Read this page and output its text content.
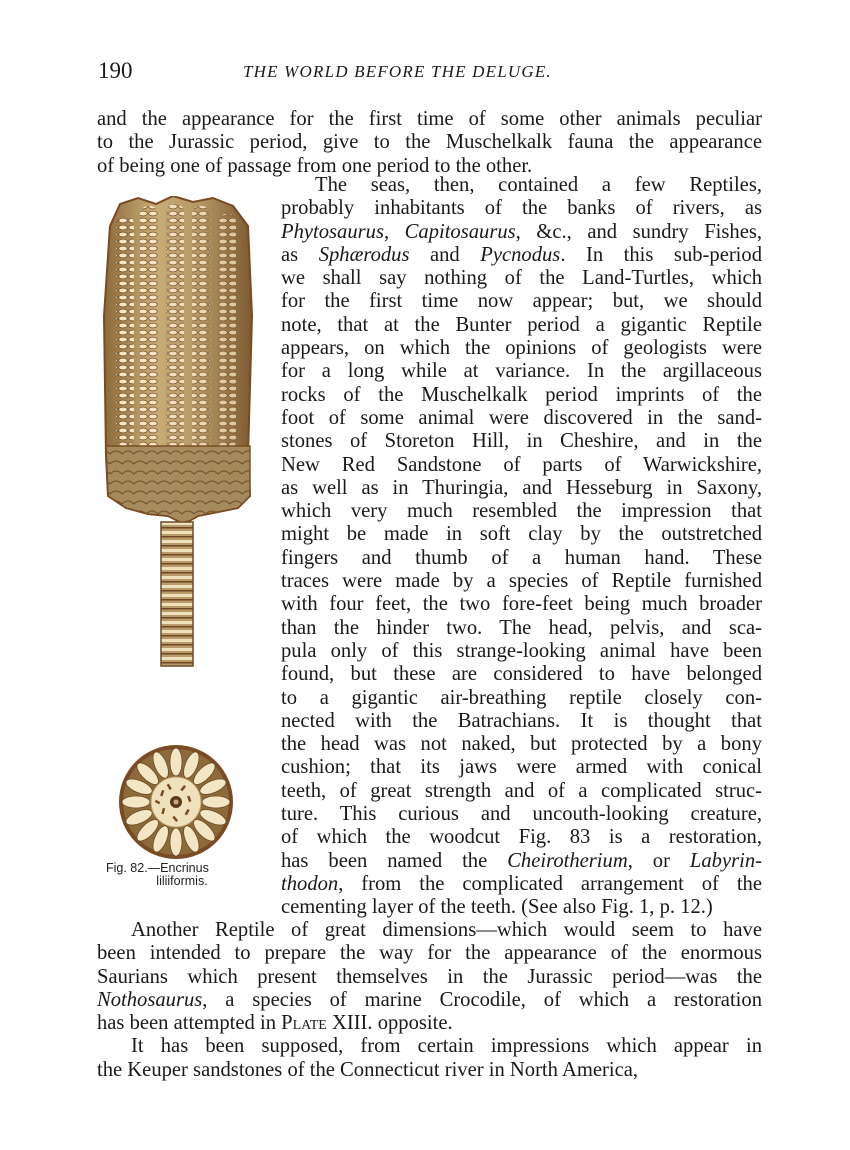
190	THE WORLD BEFORE THE DELUGE.
and the appearance for the first time of some other animals peculiar
to the Jurassic period, give to the Muschelkalk fauna the appearance
of being one of passage from one period to the other.
Fig. 82.—Encrinus
liliiformis.
The seas, then, contained a few Reptiles,
probably inhabitants of the banks of rivers, as
Phytosaurus, Capitosaurus, &c., and sundry Fishes,
as Sphærodus and Pycnodus. In this sub-period
we shall say nothing of the Land-Turtles, which
for the first time now appear; but, we should
note, that at the Bunter period a gigantic Reptile
appears, on which the opinions of geologists were
for a long while at variance. In the argillaceous
rocks of the Muschelkalk period imprints of the
foot of some animal were discovered in the sand-
stones of Storeton Hill, in Cheshire, and in the
New Red Sandstone of parts of Warwickshire,
as well as in Thuringia, and Hesseburg in Saxony,
which very much resembled the impression that
might be made in soft clay by the outstretched
fingers and thumb of a human hand. These
traces were made by a species of Reptile furnished
with four feet, the two fore-feet being much broader
than the hinder two. The head, pelvis, and sca-
pula only of this strange-looking animal have been
found, but these are considered to have belonged
to a gigantic air-breathing reptile closely con-
nected with the Batrachians. It is thought that
the head was not naked, but protected by a bony
cushion; that its jaws were armed with conical
teeth, of great strength and of a complicated struc-
ture. This curious and uncouth-looking creature,
of which the woodcut Fig. 83 is a restoration,
has been named the Cheirotherium, or Labyrin-
thodon, from the complicated arrangement of the
cementing layer of the teeth. (See also Fig. 1, p. 12.)
Another Reptile of great dimensions—which would seem to have
been intended to prepare the way for the appearance of the enormous
Saurians which present themselves in the Jurassic period—was the
Nothosaurus, a species of marine Crocodile, of which a restoration
has been attempted in Plate XIII. opposite.
It has been supposed, from certain impressions which appear in
the Keuper sandstones of the Connecticut river in North America,
